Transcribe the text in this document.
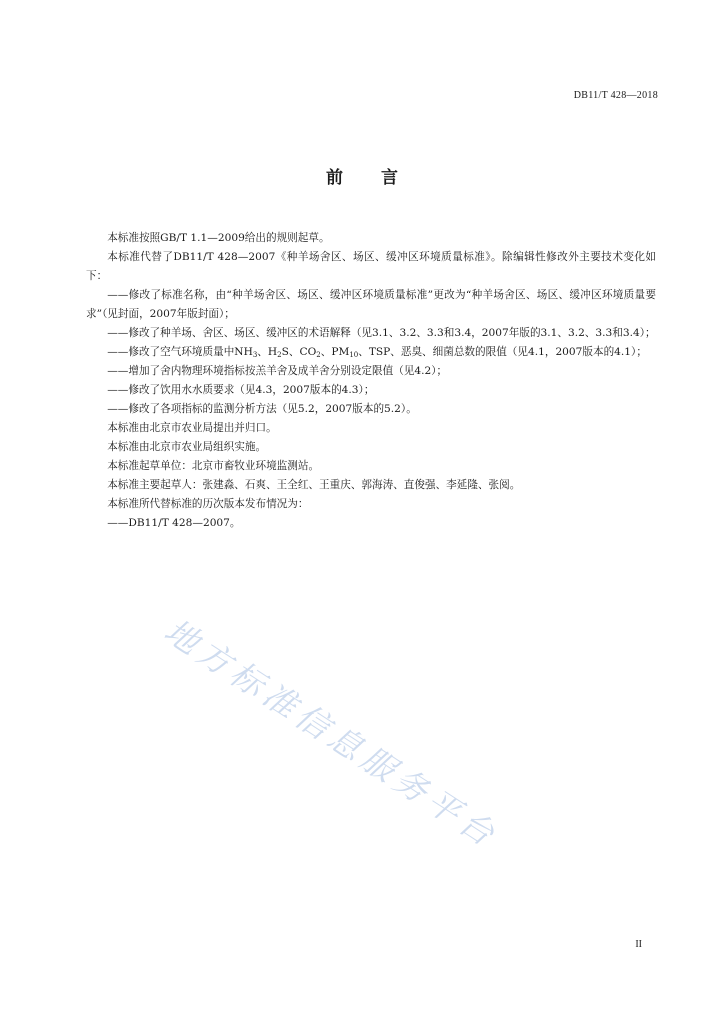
DB11/T 428—2018
前言

本标准按照GB/T 1.1—2009给出的规则起草。

本标准代替了DB11/T 428—2007《种羊场舍区、场区、缓冲区环境质量标准》。除编辑性修改外主要技术变化如下：

——修改了标准名称，由“种羊场舍区、场区、缓冲区环境质量标准”更改为“种羊场舍区、场区、缓冲区环境质量要求”（见封面，2007年版封面）；

——修改了种羊场、舍区、场区、缓冲区的术语解释（见3.1、3.2、3.3和3.4，2007年版的3.1、3.2、3.3和3.4）；

——修改了空气环境质量中$NH_3$、$H_2S$、$CO_2$、$PM_{10}$、TSP、恶臭、细菌总数的限值（见4.1，2007版本的4.1）；

——增加了舍内物理环境指标按羔羊舍及成羊舍分别设定限值（见4.2）；

——修改了饮用水水质要求（见4.3，2007版本的4.3）；

——修改了各项指标的监测分析方法（见5.2，2007版本的5.2）。

本标准由北京市农业局提出并归口。

本标准由北京市农业局组织实施。

本标准起草单位：北京市畜牧业环境监测站。

本标准主要起草人：张建淼、石爽、王全红、王重庆、郭海涛、直俊强、李延隆、张阅。

本标准所代替标准的历次版本发布情况为：

——DB11/T 428—2007。

地方标准信息服务平台
II
